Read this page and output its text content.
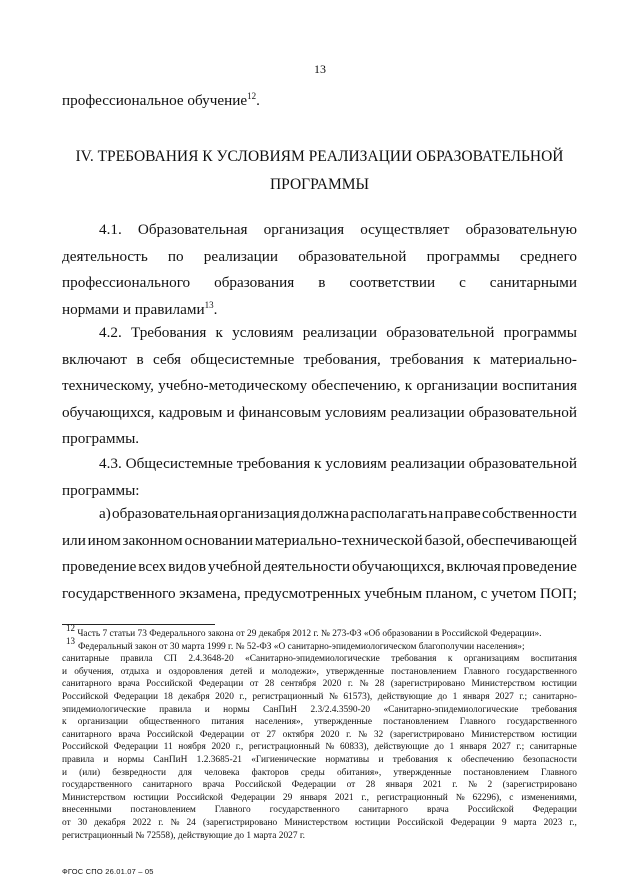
13
профессиональное обучение$^{12}$.
IV. ТРЕБОВАНИЯ К УСЛОВИЯМ РЕАЛИЗАЦИИ ОБРАЗОВАТЕЛЬНОЙ
ПРОГРАММЫ
4.1. Образовательная организация осуществляет образовательную
деятельность по реализации образовательной программы среднего
профессионального образования в соответствии с санитарными
нормами и правилами$^{13}$.
4.2. Требования к условиям реализации образовательной программы
включают в себя общесистемные требования, требования к материально-
техническому, учебно-методическому обеспечению, к организации воспитания
обучающихся, кадровым и финансовым условиям реализации образовательной
программы.
4.3. Общесистемные требования к условиям реализации образовательной
программы:
а) образовательная организация должна располагать на праве собственности
или ином законном основании материально-технической базой, обеспечивающей
проведение всех видов учебной деятельности обучающихся, включая проведение
государственного экзамена, предусмотренных учебным планом, с учетом ПОП;
12

Часть 7 статьи 73 Федерального закона от 29 декабря 2012 г. № 273-ФЗ «Об образовании в Российской Федерации».
13
Федеральный закон от 30 марта 1999 г. № 52-ФЗ «О санитарно-эпидемиологическом благополучии населения»;
санитарные правила СП 2.4.3648-20 «Санитарно-эпидемиологические требования к организациям воспитания
и обучения, отдыха и оздоровления детей и молодежи», утвержденные постановлением Главного государственного
санитарного врача Российской Федерации от 28 сентября 2020 г. № 28 (зарегистрировано Министерством юстиции
Российской Федерации 18 декабря 2020 г., регистрационный № 61573), действующие до 1 января 2027 г.; санитарно-
эпидемиологические правила и нормы СанПиН 2.3/2.4.3590-20 «Санитарно-эпидемиологические требования
к организации общественного питания населения», утвержденные постановлением Главного государственного
санитарного врача Российской Федерации от 27 октября 2020 г. № 32 (зарегистрировано Министерством юстиции
Российской Федерации 11 ноября 2020 г., регистрационный № 60833), действующие до 1 января 2027 г.; санитарные
правила и нормы СанПиН 1.2.3685-21 «Гигиенические нормативы и требования к обеспечению безопасности
и (или) безвредности для человека факторов среды обитания», утвержденные постановлением Главного
государственного санитарного врача Российской Федерации от 28 января 2021 г. № 2 (зарегистрировано
Министерством юстиции Российской Федерации 29 января 2021 г., регистрационный № 62296), с изменениями,
внесенными постановлением Главного государственного санитарного врача Российской Федерации
от 30 декабря 2022 г. № 24 (зарегистрировано Министерством юстиции Российской Федерации 9 марта 2023 г.,
регистрационный № 72558), действующие до 1 марта 2027 г.
ФГОС СПО 26.01.07 – 05
